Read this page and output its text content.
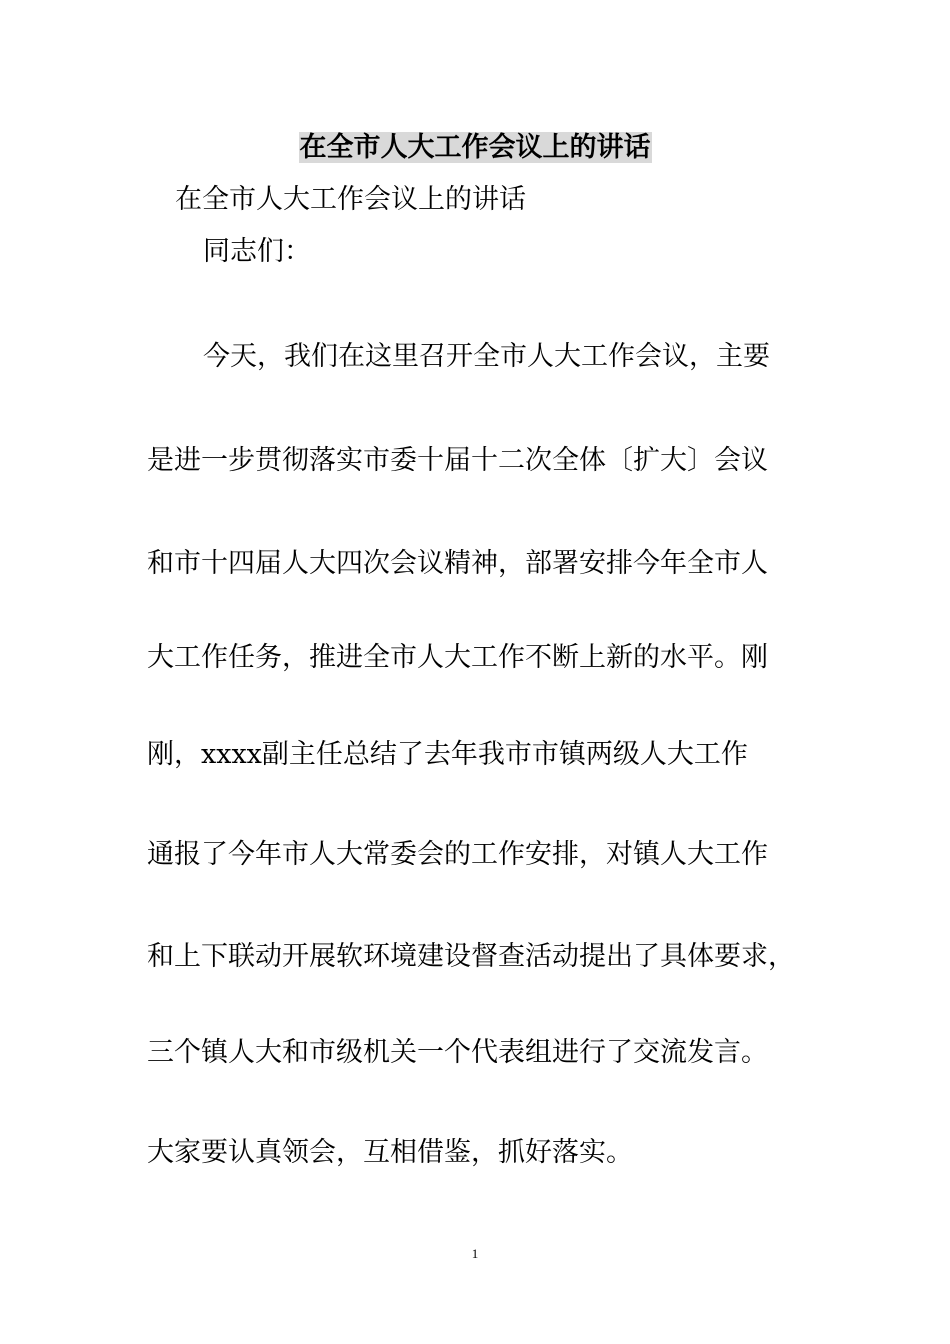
在全市人大工作会议上的讲话
在全市人大工作会议上的讲话
同志们：
今天，我们在这里召开全市人大工作会议，主要
是进一步贯彻落实市委十届十二次全体〔扩大〕会议
和市十四届人大四次会议精神，部署安排今年全市人
大工作任务，推进全市人大工作不断上新的水平。刚
刚，xxxx副主任总结了去年我市市镇两级人大工作
通报了今年市人大常委会的工作安排，对镇人大工作
和上下联动开展软环境建设督查活动提出了具体要求，
三个镇人大和市级机关一个代表组进行了交流发言。
大家要认真领会，互相借鉴，抓好落实。
1
